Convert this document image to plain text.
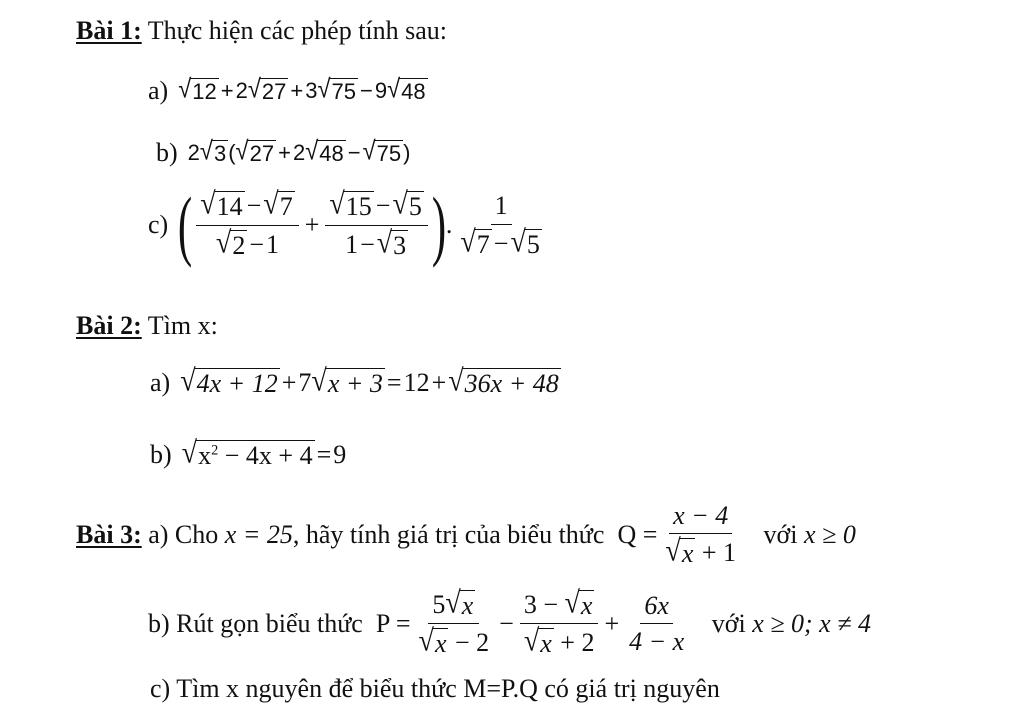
Bài 1: Thực hiện các phép tính sau:
a) √ 12 + 2 √ 27 + 3 √ 75 − 9 √ 48
b) 2 √ 3 ( √ 27 + 2 √ 48 − √ 75 )
c) ( $\frac{√ 14 - √ 7}{√ 2 - 1} + \frac{√ 15 - √ 5}{1 - √ 3}$ ) . $\frac{1}{√ 7 - √ 5}$
Bài 2: Tìm x:
a) √ 4x + 12 + 7 √ x + 3 = 12 + √ 36x + 48
b) √ $x^2 - 4x + 4 = 9$
Bài 3:
a) Cho
x = 25 , hãy tính giá trị của biểu thức
Q = x − 4
√ x
+ 1
với
x ≥ 0
b) Rút gọn biểu thức
P = 5 √ x
√ x
− 2 − 3 −
√ x
√ x
+ $2 + \frac{6x}{4 - x}$
với
x ≥ 0; x ≠ 4
c) Tìm x nguyên để biểu thức M=P.Q có giá trị nguyên
